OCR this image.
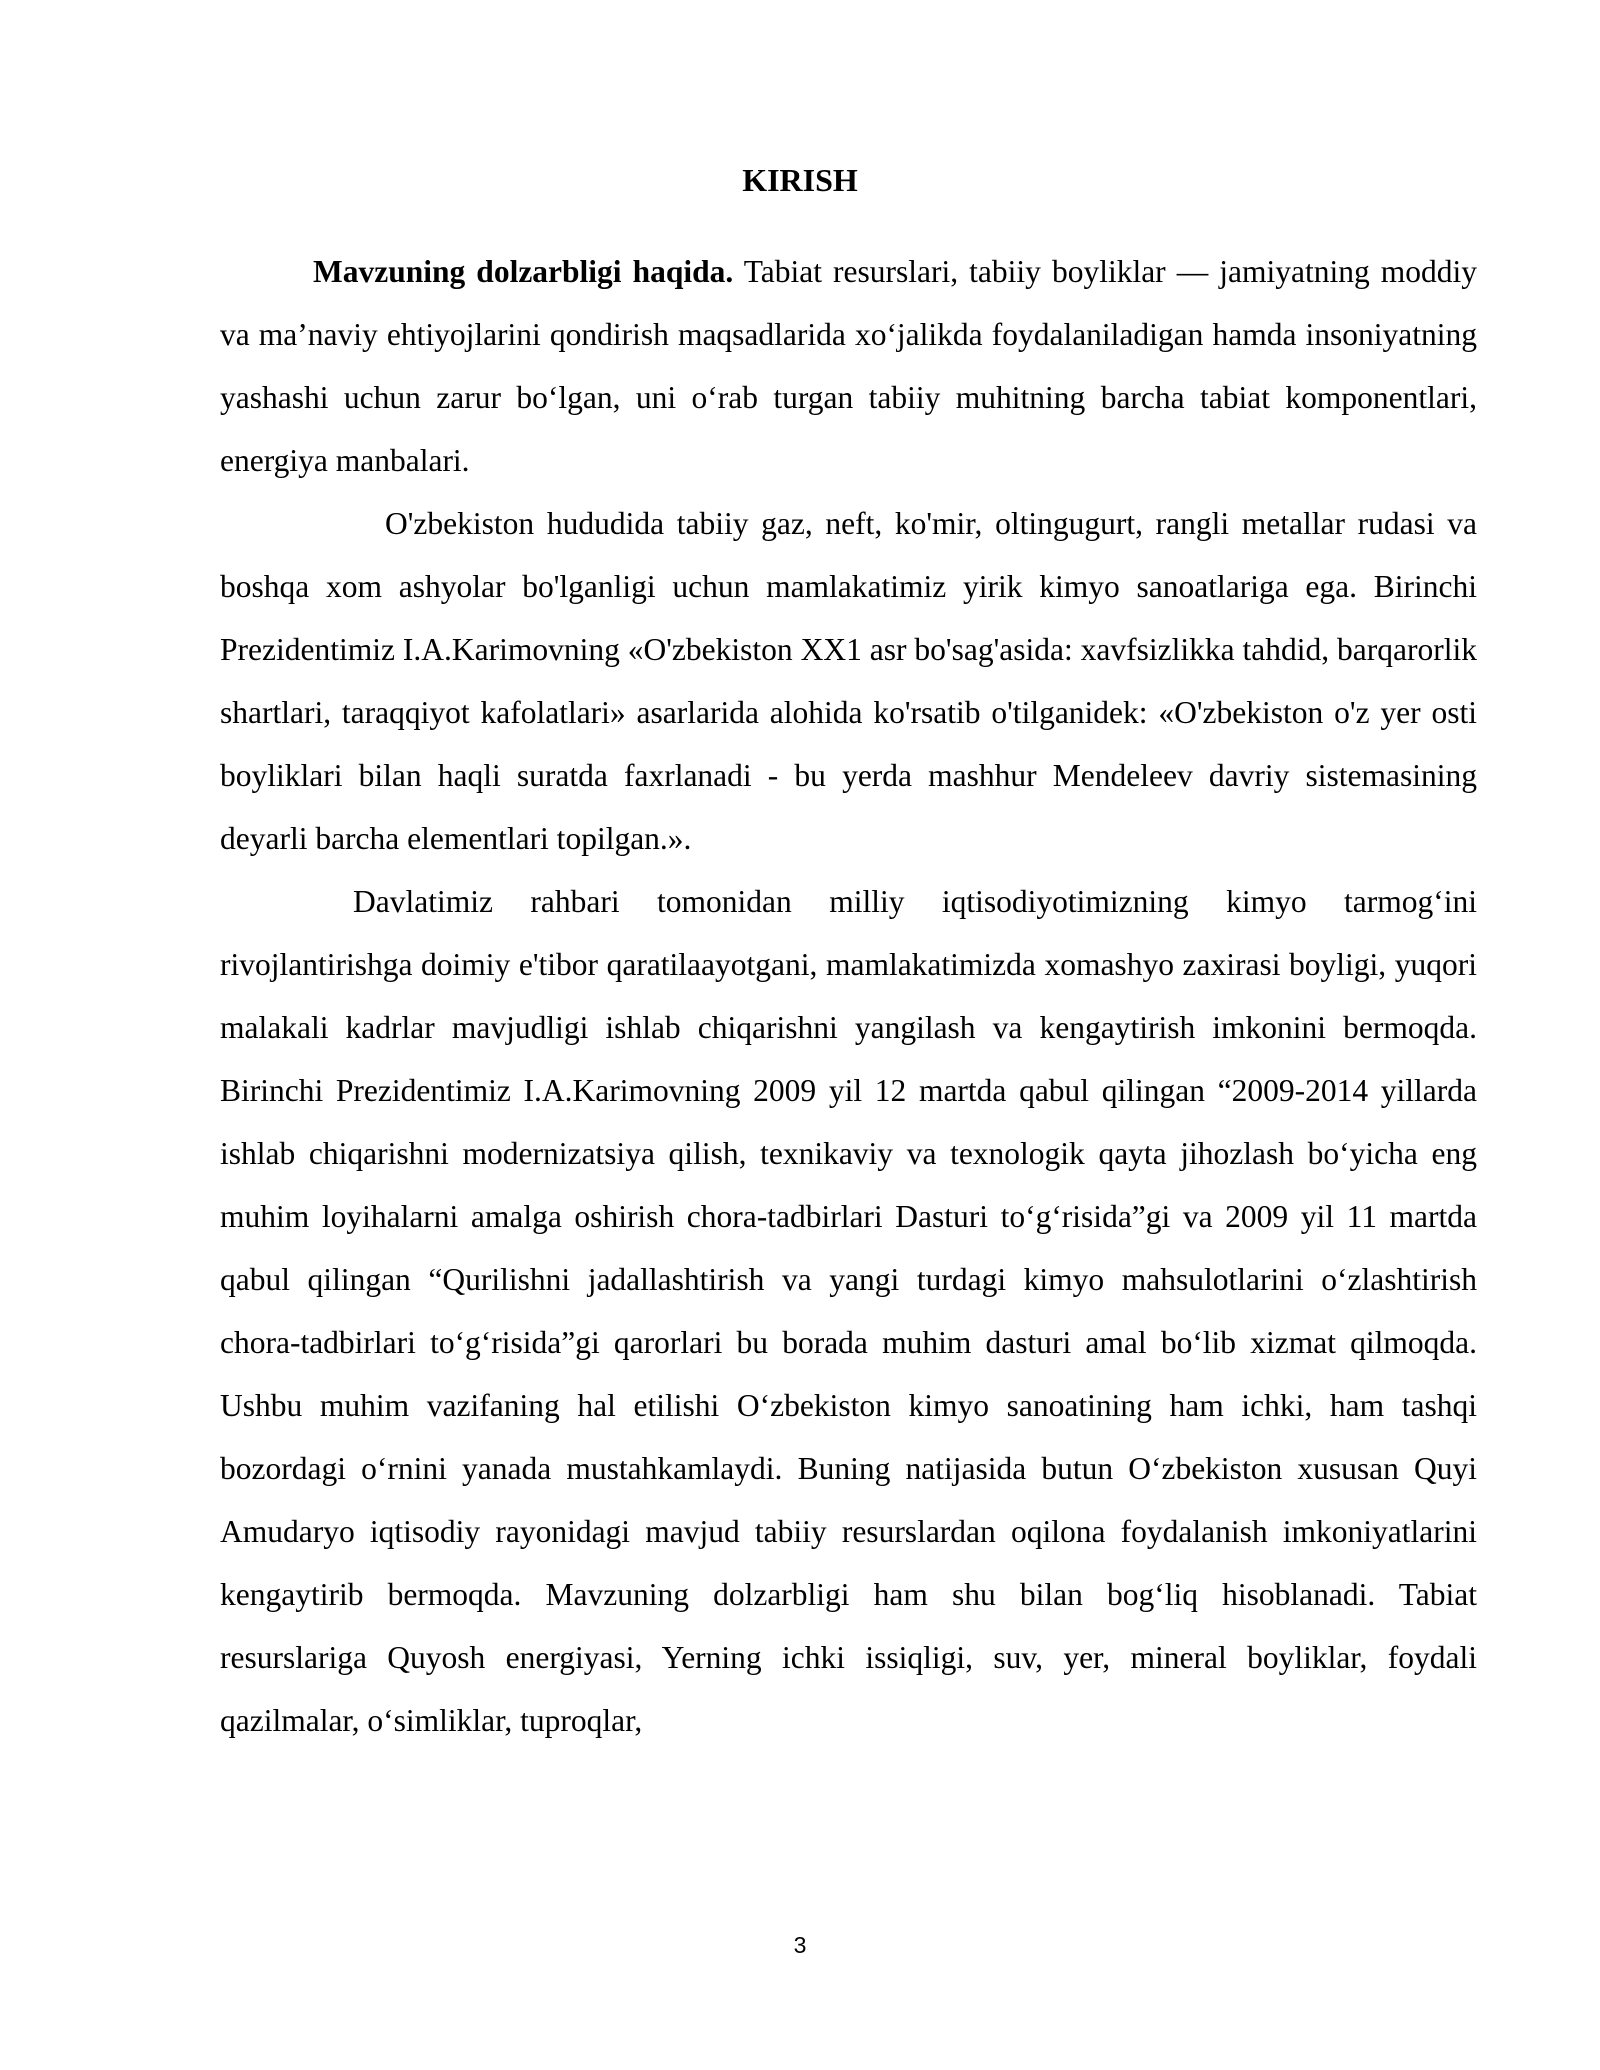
KIRISH

Mavzuning dolzarbligi haqida. Tabiat resurslari, tabiiy boyliklar — jamiyatning moddiy va ma’naviy ehtiyojlarini qondirish maqsadlarida xo‘jalikda foydalaniladigan hamda insoniyatning yashashi uchun zarur bo‘lgan, uni o‘rab turgan tabiiy muhitning barcha tabiat komponentlari, energiya manbalari.

O'zbekiston hududida tabiiy gaz, neft, ko'mir, oltingugurt, rangli metallar rudasi va boshqa xom ashyolar bo'lganligi uchun mamlakatimiz yirik kimyo sanoatlariga ega. Birinchi Prezidentimiz I.A.Karimovning «O'zbekiston XX1 asr bo'sag'asida: xavfsizlikka tahdid, barqarorlik shartlari, taraqqiyot kafolatlari» asarlarida alohida ko'rsatib o'tilganidek: «O'zbekiston o'z yer osti boyliklari bilan haqli suratda faxrlanadi - bu yerda mashhur Mendeleev davriy sistemasining deyarli barcha elementlari topilgan.».

Davlatimiz rahbari tomonidan milliy iqtisodiyotimizning kimyo tarmog‘ini rivojlantirishga doimiy e'tibor qaratilaayotgani, mamlakatimizda xomashyo zaxirasi boyligi, yuqori malakali kadrlar mavjudligi ishlab chiqarishni yangilash va kengaytirish imkonini bermoqda. Birinchi Prezidentimiz I.A.Karimovning 2009 yil 12 martda qabul qilingan “2009-2014 yillarda ishlab chiqarishni modernizatsiya qilish, texnikaviy va texnologik qayta jihozlash bo‘yicha eng muhim loyihalarni amalga oshirish chora-tadbirlari Dasturi to‘g‘risida”gi va 2009 yil 11 martda qabul qilingan “Qurilishni jadallashtirish va yangi turdagi kimyo mahsulotlarini o‘zlashtirish chora-tadbirlari to‘g‘risida”gi qarorlari bu borada muhim dasturi amal bo‘lib xizmat qilmoqda. Ushbu muhim vazifaning hal etilishi O‘zbekiston kimyo sanoatining ham ichki, ham tashqi bozordagi o‘rnini yanada mustahkamlaydi. Buning natijasida butun O‘zbekiston xususan Quyi Amudaryo iqtisodiy rayonidagi mavjud tabiiy resurslardan oqilona foydalanish imkoniyatlarini kengaytirib bermoqda. Mavzuning dolzarbligi ham shu bilan bog‘liq hisoblanadi. Tabiat resurslariga Quyosh energiyasi, Yerning ichki issiqligi, suv, yer, mineral boyliklar, foydali qazilmalar, o‘simliklar, tuproqlar,

3
